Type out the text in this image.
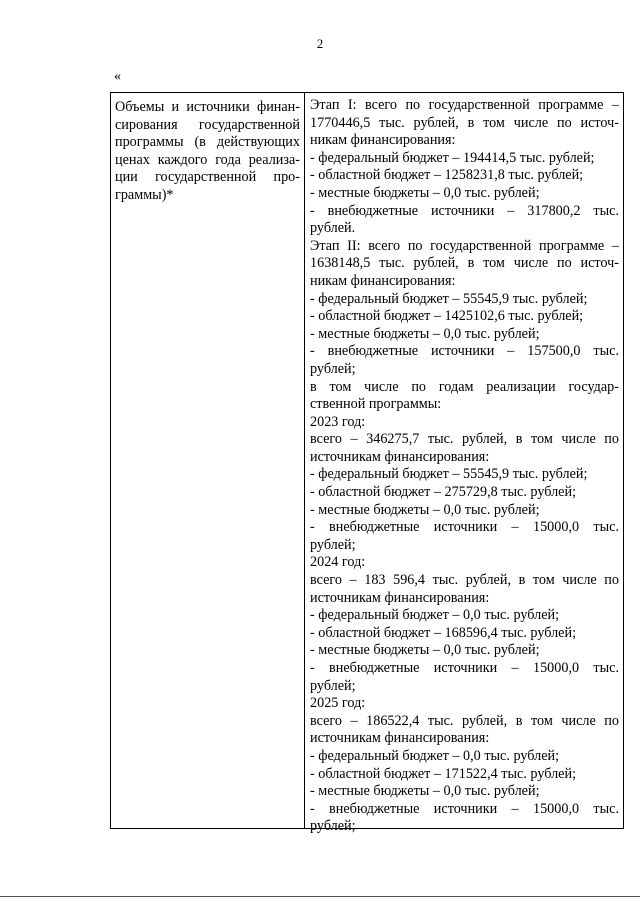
2
«
Объемы и источники финан-
сирования государственной
программы (в действующих
ценах каждого года реализа-
ции государственной про-
граммы)*
Этап I: всего по государственной программе –
1770446,5 тыс. рублей, в том числе по источ-
никам финансирования:
- федеральный бюджет – 194414,5 тыс. рублей;
- областной бюджет – 1258231,8 тыс. рублей;
- местные бюджеты – 0,0 тыс. рублей;
- внебюджетные источники – 317800,2 тыс.
рублей.
Этап II: всего по государственной программе –
1638148,5 тыс. рублей, в том числе по источ-
никам финансирования:
- федеральный бюджет – 55545,9 тыс. рублей;
- областной бюджет – 1425102,6 тыс. рублей;
- местные бюджеты – 0,0 тыс. рублей;
- внебюджетные источники – 157500,0 тыс.
рублей;
в том числе по годам реализации государ-
ственной программы:
2023 год:
всего – 346275,7 тыс. рублей, в том числе по
источникам финансирования:
- федеральный бюджет – 55545,9 тыс. рублей;
- областной бюджет – 275729,8 тыс. рублей;
- местные бюджеты – 0,0 тыс. рублей;
- внебюджетные источники – 15000,0 тыс.
рублей;
2024 год:
всего – 183 596,4 тыс. рублей, в том числе по
источникам финансирования:
- федеральный бюджет – 0,0 тыс. рублей;
- областной бюджет – 168596,4 тыс. рублей;
- местные бюджеты – 0,0 тыс. рублей;
- внебюджетные источники – 15000,0 тыс.
рублей;
2025 год:
всего – 186522,4 тыс. рублей, в том числе по
источникам финансирования:
- федеральный бюджет – 0,0 тыс. рублей;
- областной бюджет – 171522,4 тыс. рублей;
- местные бюджеты – 0,0 тыс. рублей;
- внебюджетные источники – 15000,0 тыс.
рублей;
